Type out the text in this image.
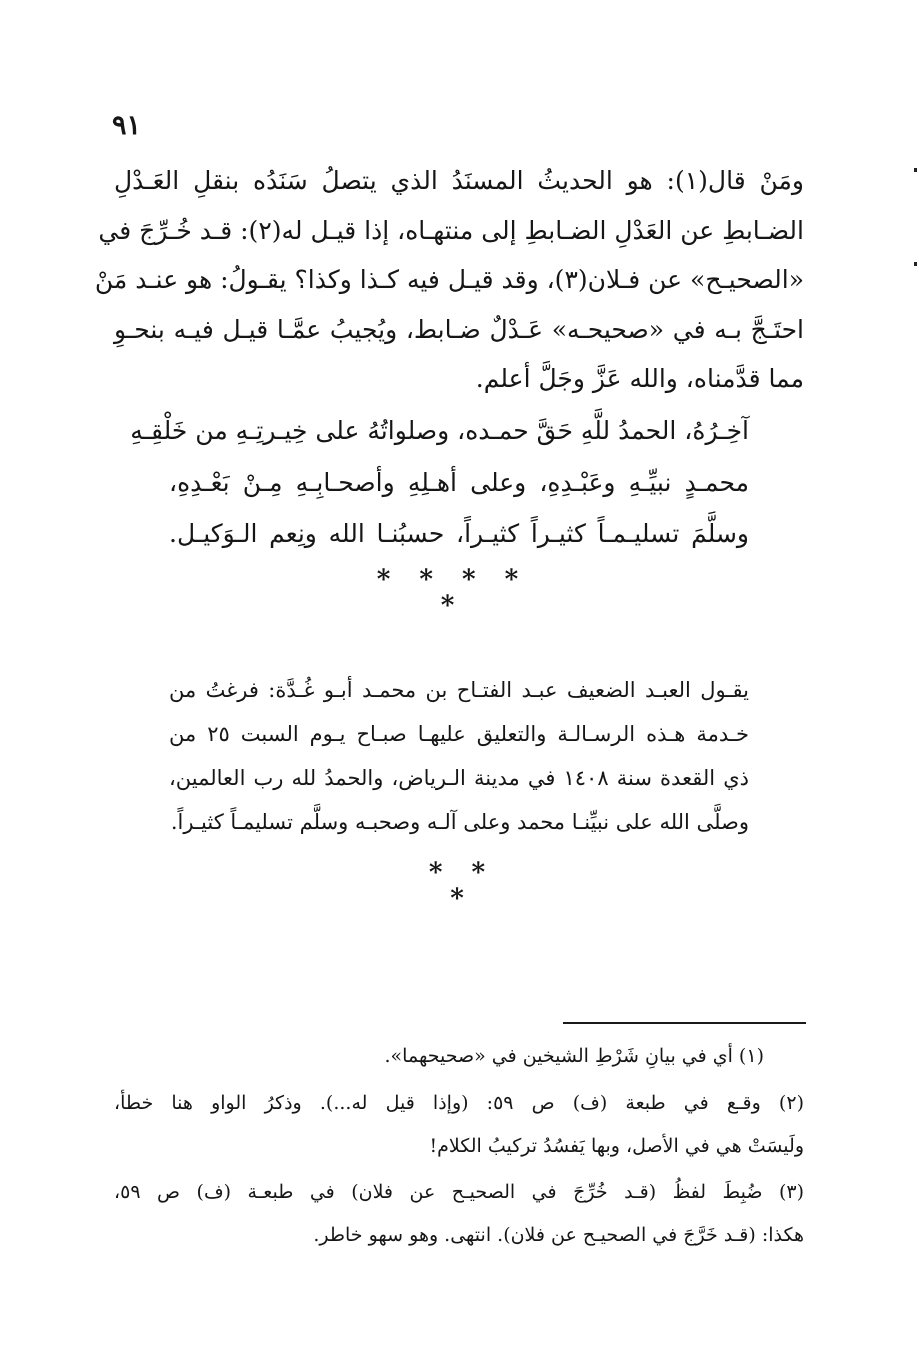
٩١
ومَنْ قال(١): هو الحديثُ المسنَدُ الذي يتصلُ سَنَدُه بنقلِ العَـدْلِ
الضـابطِ عن العَدْلِ الضـابطِ إلى منتهـاه، إذا قيـل له(٢): قـد خُـرِّجَ في
«الصحيـح» عن فـلان(٣)، وقد قيـل فيه كـذا وكذا؟ يقـولُ: هو عنـد مَنْ
احتَـجَّ بـه في «صحيحـه» عَـدْلٌ ضـابط، ويُجيبُ عمَّـا قيـل فيـه بنحـوِ
مما قدَّمناه، والله عَزَّ وجَلَّ أعلم.
آخِـرُهُ، الحمدُ للَّهِ حَقَّ حمـده، وصلواتُهُ على خِيـرتِـهِ من خَلْقِـهِ
محمـدٍ نبيِّـهِ وعَبْـدِهِ، وعلى أهـلِهِ وأصحـابِـهِ مِـنْ بَعْـدِهِ،
وسلَّمَ تسليـمـاً كثيـراً كثيـراً، حسبُنـا الله ونِعم الـوَكيـل.
* * * * *
يقـول العبـد الضعيف عبـد الفتـاح بن محمـد أبـو غُـدَّة: فرغتُ من
خـدمة هـذه الرسـالـة والتعليق عليهـا صبـاح يـوم السبت ٢٥ من
ذي القعدة سنة ١٤٠٨ في مدينة الـرياض، والحمدُ لله رب العالمين،
وصلَّى الله على نبيِّنـا محمد وعلى آلـه وصحبـه وسلَّم تسليمـاً كثيـراً.
* * *
(١) أي في بيانِ شَرْطِ الشيخين في «صحيحهما».
(٢) وقـع في طبعة (ف) ص ٥٩: (وإذا قيل له...). وذكرُ الواو هنا خطأ،
ولَيسَتْ هي في الأصل، وبها يَفسُدُ تركيبُ الكلام!
(٣) ضُبِطَ لفظُ (قـد خُرِّجَ في الصحيـح عن فلان) في طبعـة (ف) ص ٥٩،
هكذا: (قـد خَرَّجَ في الصحيـح عن فلان). انتهى. وهو سهو خاطر.
